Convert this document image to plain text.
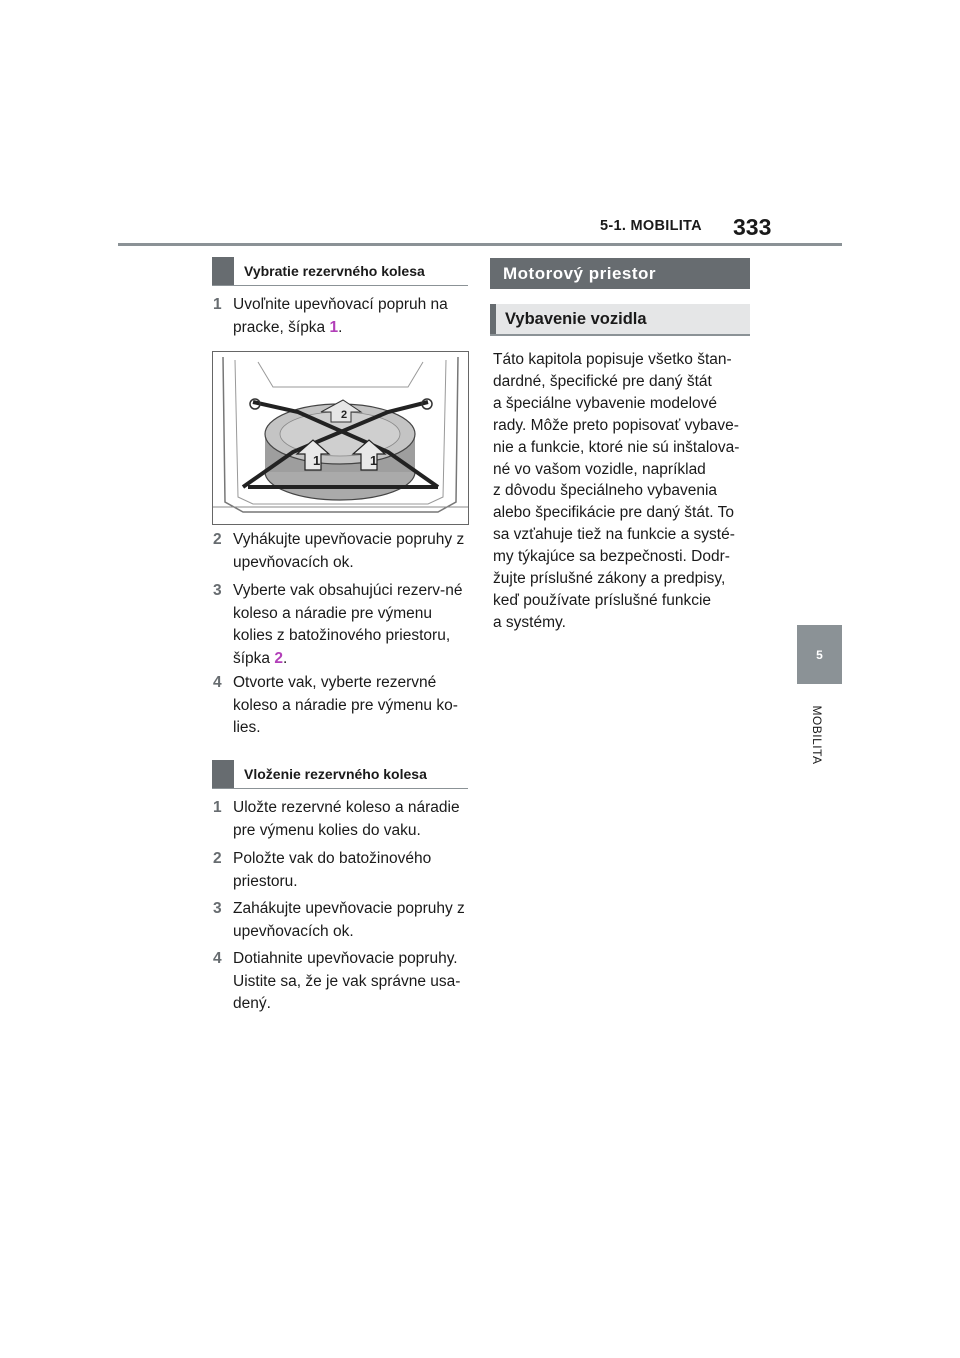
5-1. MOBILITA 333
5
MOBILITA
Vybratie rezervného kolesa
1 Uvoľnite upevňovací popruh na pracke, šípka 1.
2
1	1
2 Vyhákujte upevňovacie popruhy z upevňovacích ok.
3 Vyberte vak obsahujúci rezerv-né koleso a náradie pre výmenu kolies z batožinového priestoru, šípka 2.
4 Otvorte vak, vyberte rezervné koleso a náradie pre výmenu ko-lies.
Vloženie rezervného kolesa
1 Uložte rezervné koleso a náradie pre výmenu kolies do vaku.
2 Položte vak do batožinového priestoru.
3 Zahákujte upevňovacie popruhy z upevňovacích ok.
4 Dotiahnite upevňovacie popruhy. Uistite sa, že je vak správne usa-dený.
Motorový priestor
Vybavenie vozidla
Táto kapitola popisuje všetko štan-
dardné, špecifické pre daný štát
a špeciálne vybavenie modelové
rady. Môže preto popisovať vybave-
nie a funkcie, ktoré nie sú inštalova-
né vo vašom vozidle, napríklad
z dôvodu špeciálneho vybavenia
alebo špecifikácie pre daný štát. To
sa vzťahuje tiež na funkcie a systé-
my týkajúce sa bezpečnosti. Dodr-
žujte príslušné zákony a predpisy,
keď používate príslušné funkcie
a systémy.
